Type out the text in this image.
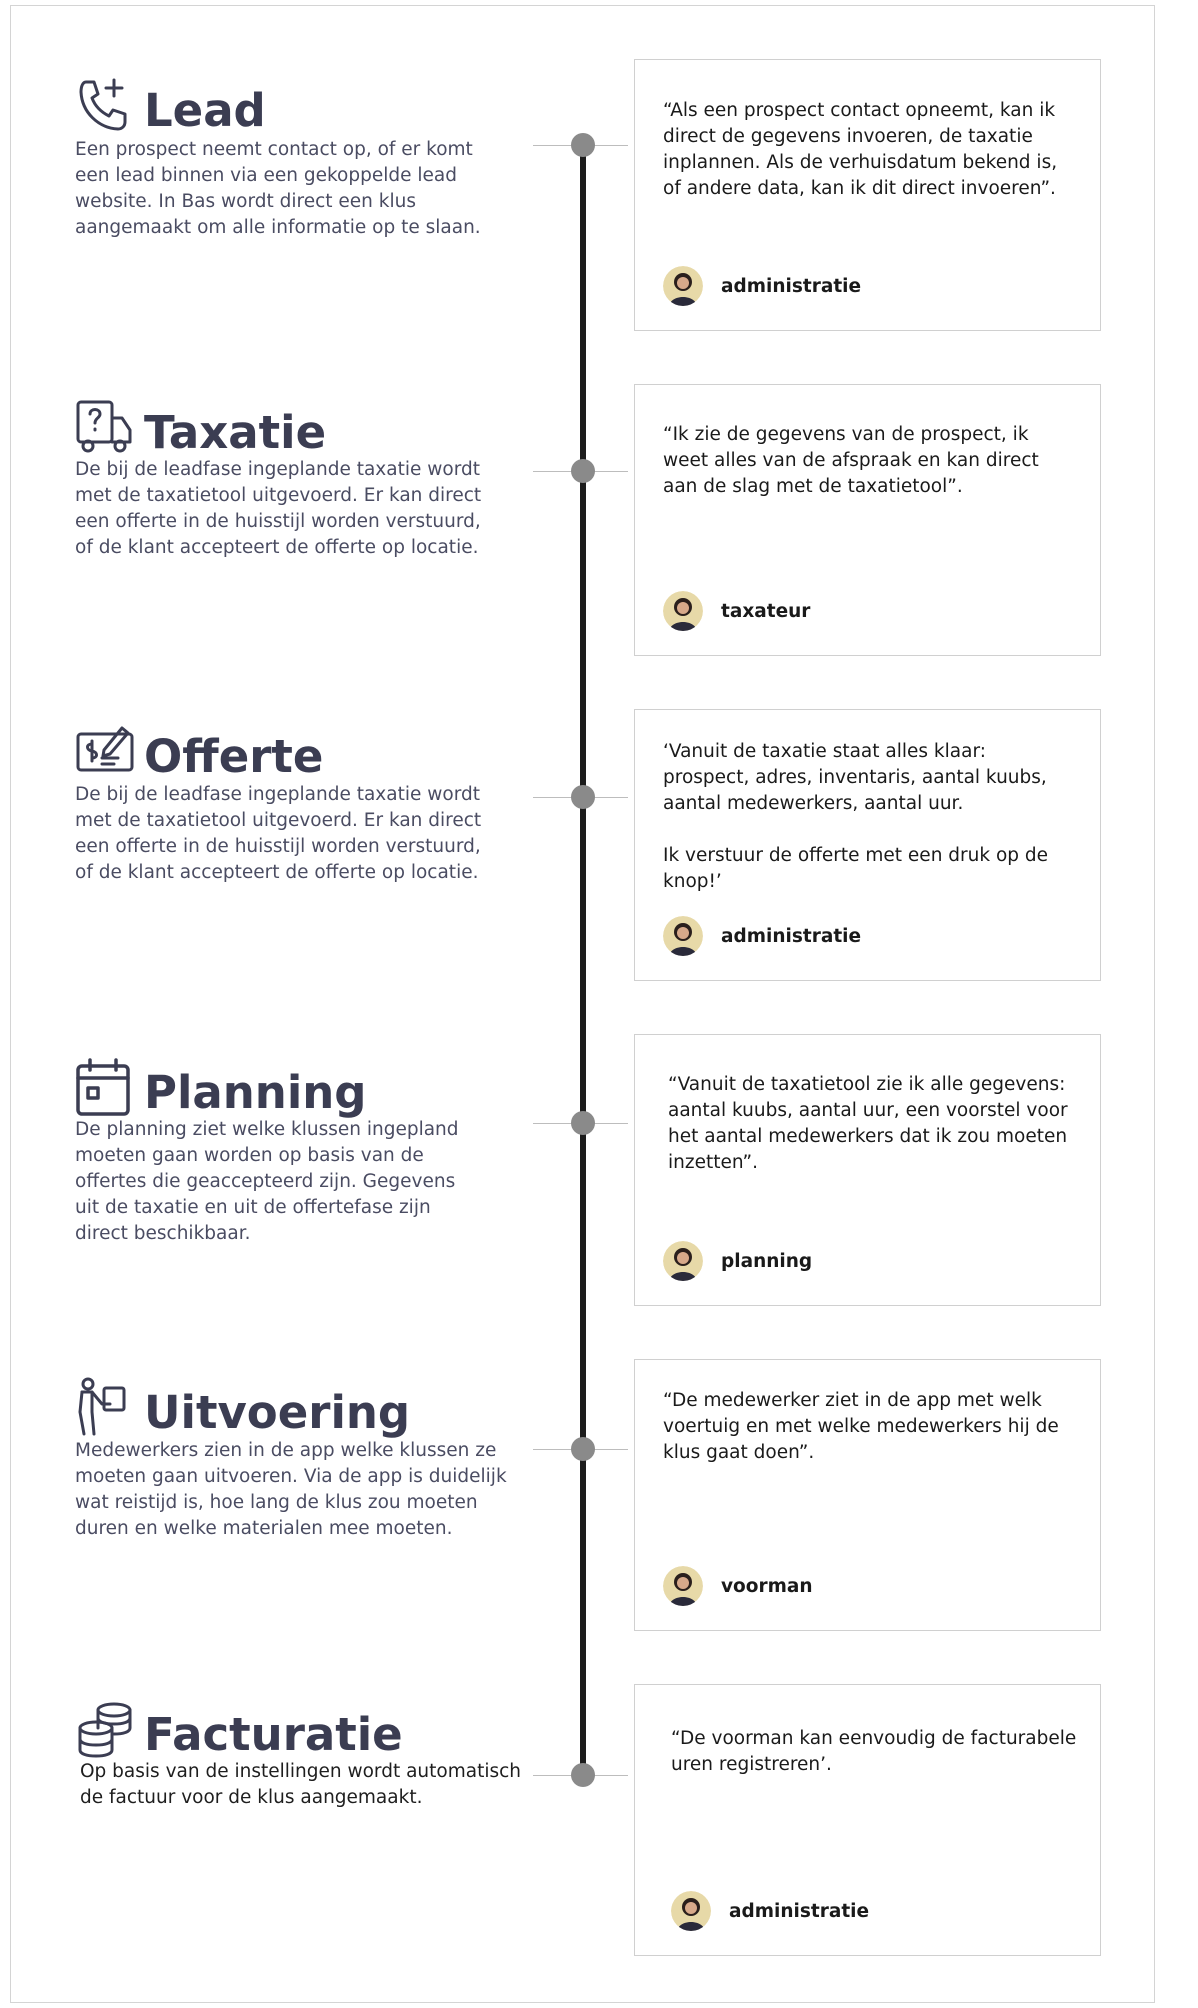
Lead
Een prospect neemt contact op, of er komt
een lead binnen via een gekoppelde lead
website. In Bas wordt direct een klus
aangemaakt om alle informatie op te slaan.
“Als een prospect contact opneemt, kan ik
direct de gegevens invoeren, de taxatie
inplannen. Als de verhuisdatum bekend is,
of andere data, kan ik dit direct invoeren”.
administratie
Taxatie
De bij de leadfase ingeplande taxatie wordt
met de taxatietool uitgevoerd. Er kan direct
een offerte in de huisstijl worden verstuurd,
of de klant accepteert de offerte op locatie.
“Ik zie de gegevens van de prospect, ik
weet alles van de afspraak en kan direct
aan de slag met de taxatietool”.
taxateur
Offerte
De bij de leadfase ingeplande taxatie wordt
met de taxatietool uitgevoerd. Er kan direct
een offerte in de huisstijl worden verstuurd,
of de klant accepteert de offerte op locatie.
‘Vanuit de taxatie staat alles klaar:
prospect, adres, inventaris, aantal kuubs,
aantal medewerkers, aantal uur.

Ik verstuur de offerte met een druk op de
knop!’
administratie
Planning
De planning ziet welke klussen ingepland
moeten gaan worden op basis van de
offertes die geaccepteerd zijn. Gegevens
uit de taxatie en uit de offertefase zijn
direct beschikbaar.
“Vanuit de taxatietool zie ik alle gegevens:
aantal kuubs, aantal uur, een voorstel voor
het aantal medewerkers dat ik zou moeten
inzetten”.
planning
Uitvoering
Medewerkers zien in de app welke klussen ze
moeten gaan uitvoeren. Via de app is duidelijk
wat reistijd is, hoe lang de klus zou moeten
duren en welke materialen mee moeten.
“De medewerker ziet in de app met welk
voertuig en met welke medewerkers hij de
klus gaat doen”.
voorman
Facturatie
Op basis van de instellingen wordt automatisch
de factuur voor de klus aangemaakt.
“De voorman kan eenvoudig de facturabele
uren registreren’.
administratie
